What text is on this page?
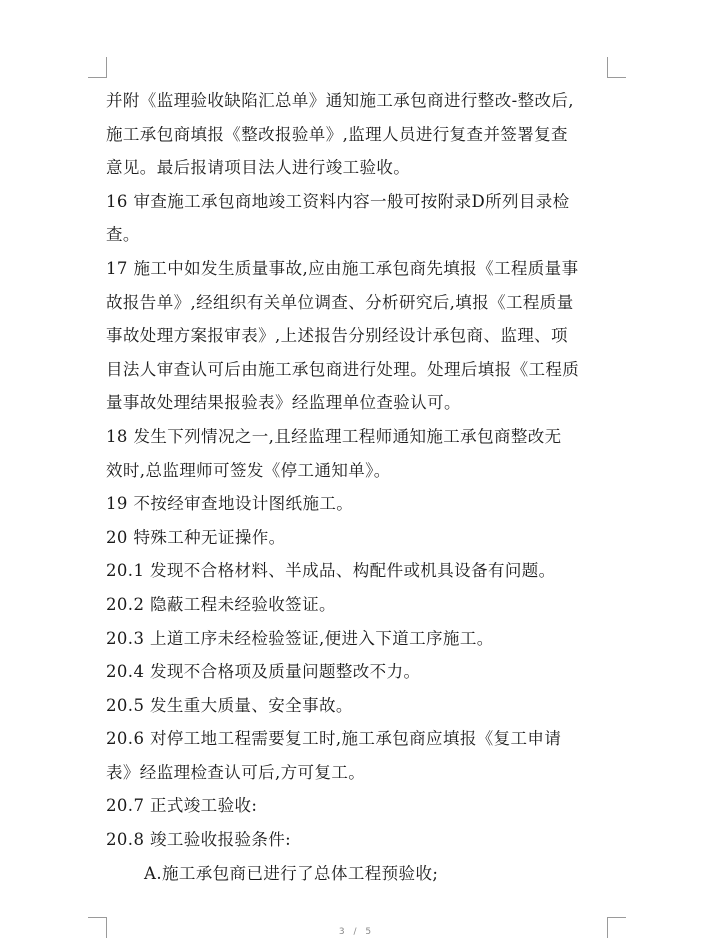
并附《监理验收缺陷汇总单》通知施工承包商进行整改-整改后,
施工承包商填报《整改报验单》,监理人员进行复查并签署复查
意见。最后报请项目法人进行竣工验收。
16 审查施工承包商地竣工资料内容一般可按附录D所列目录检
查。
17 施工中如发生质量事故,应由施工承包商先填报《工程质量事
故报告单》,经组织有关单位调查、分析研究后,填报《工程质量
事故处理方案报审表》,上述报告分别经设计承包商、监理、项
目法人审查认可后由施工承包商进行处理。处理后填报《工程质
量事故处理结果报验表》经监理单位查验认可。
18 发生下列情况之一,且经监理工程师通知施工承包商整改无
效时,总监理师可签发《停工通知单》。
19 不按经审查地设计图纸施工。
20 特殊工种无证操作。
20.1 发现不合格材料、半成品、构配件或机具设备有问题。
20.2 隐蔽工程未经验收签证。
20.3 上道工序未经检验签证,便进入下道工序施工。
20.4 发现不合格项及质量问题整改不力。
20.5 发生重大质量、安全事故。
20.6 对停工地工程需要复工时,施工承包商应填报《复工申请
表》经监理检查认可后,方可复工。
20.7 正式竣工验收:
20.8 竣工验收报验条件:
A.施工承包商已进行了总体工程预验收;
3 / 5
